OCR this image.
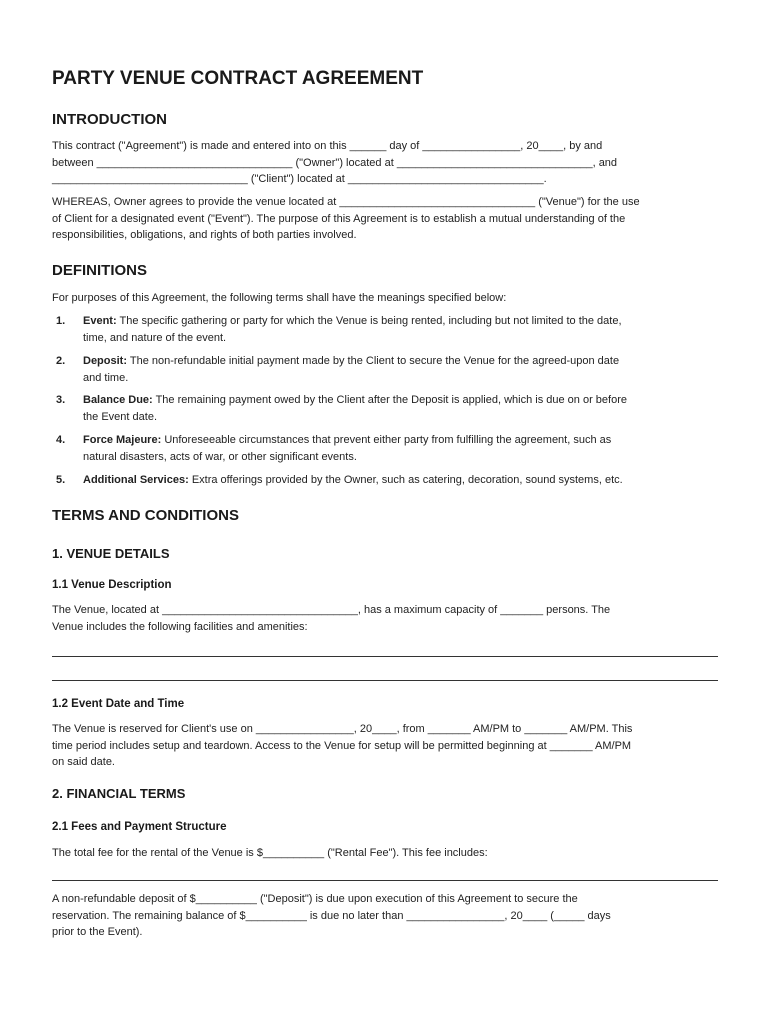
PARTY VENUE CONTRACT AGREEMENT
INTRODUCTION
This contract ("Agreement") is made and entered into on this ______ day of ________________, 20____, by and
between ________________________________ ("Owner") located at ________________________________, and
________________________________ ("Client") located at ________________________________.
WHEREAS, Owner agrees to provide the venue located at ________________________________ ("Venue") for the use
of Client for a designated event ("Event"). The purpose of this Agreement is to establish a mutual understanding of the
responsibilities, obligations, and rights of both parties involved.
DEFINITIONS
For purposes of this Agreement, the following terms shall have the meanings specified below:
1. Event: The specific gathering or party for which the Venue is being rented, including but not limited to the date,
time, and nature of the event.
2. Deposit: The non-refundable initial payment made by the Client to secure the Venue for the agreed-upon date
and time.
3. Balance Due: The remaining payment owed by the Client after the Deposit is applied, which is due on or before
the Event date.
4. Force Majeure: Unforeseeable circumstances that prevent either party from fulfilling the agreement, such as
natural disasters, acts of war, or other significant events.
5. Additional Services: Extra offerings provided by the Owner, such as catering, decoration, sound systems, etc.
TERMS AND CONDITIONS
1. VENUE DETAILS
1.1 Venue Description
The Venue, located at ________________________________, has a maximum capacity of _______ persons. The
Venue includes the following facilities and amenities:
1.2 Event Date and Time
The Venue is reserved for Client's use on ________________, 20____, from _______ AM/PM to _______ AM/PM. This
time period includes setup and teardown. Access to the Venue for setup will be permitted beginning at _______ AM/PM
on said date.
2. FINANCIAL TERMS
2.1 Fees and Payment Structure
The total fee for the rental of the Venue is $__________ ("Rental Fee"). This fee includes:
A non-refundable deposit of $__________ ("Deposit") is due upon execution of this Agreement to secure the
reservation. The remaining balance of $__________ is due no later than ________________, 20____ (_____ days
prior to the Event).
